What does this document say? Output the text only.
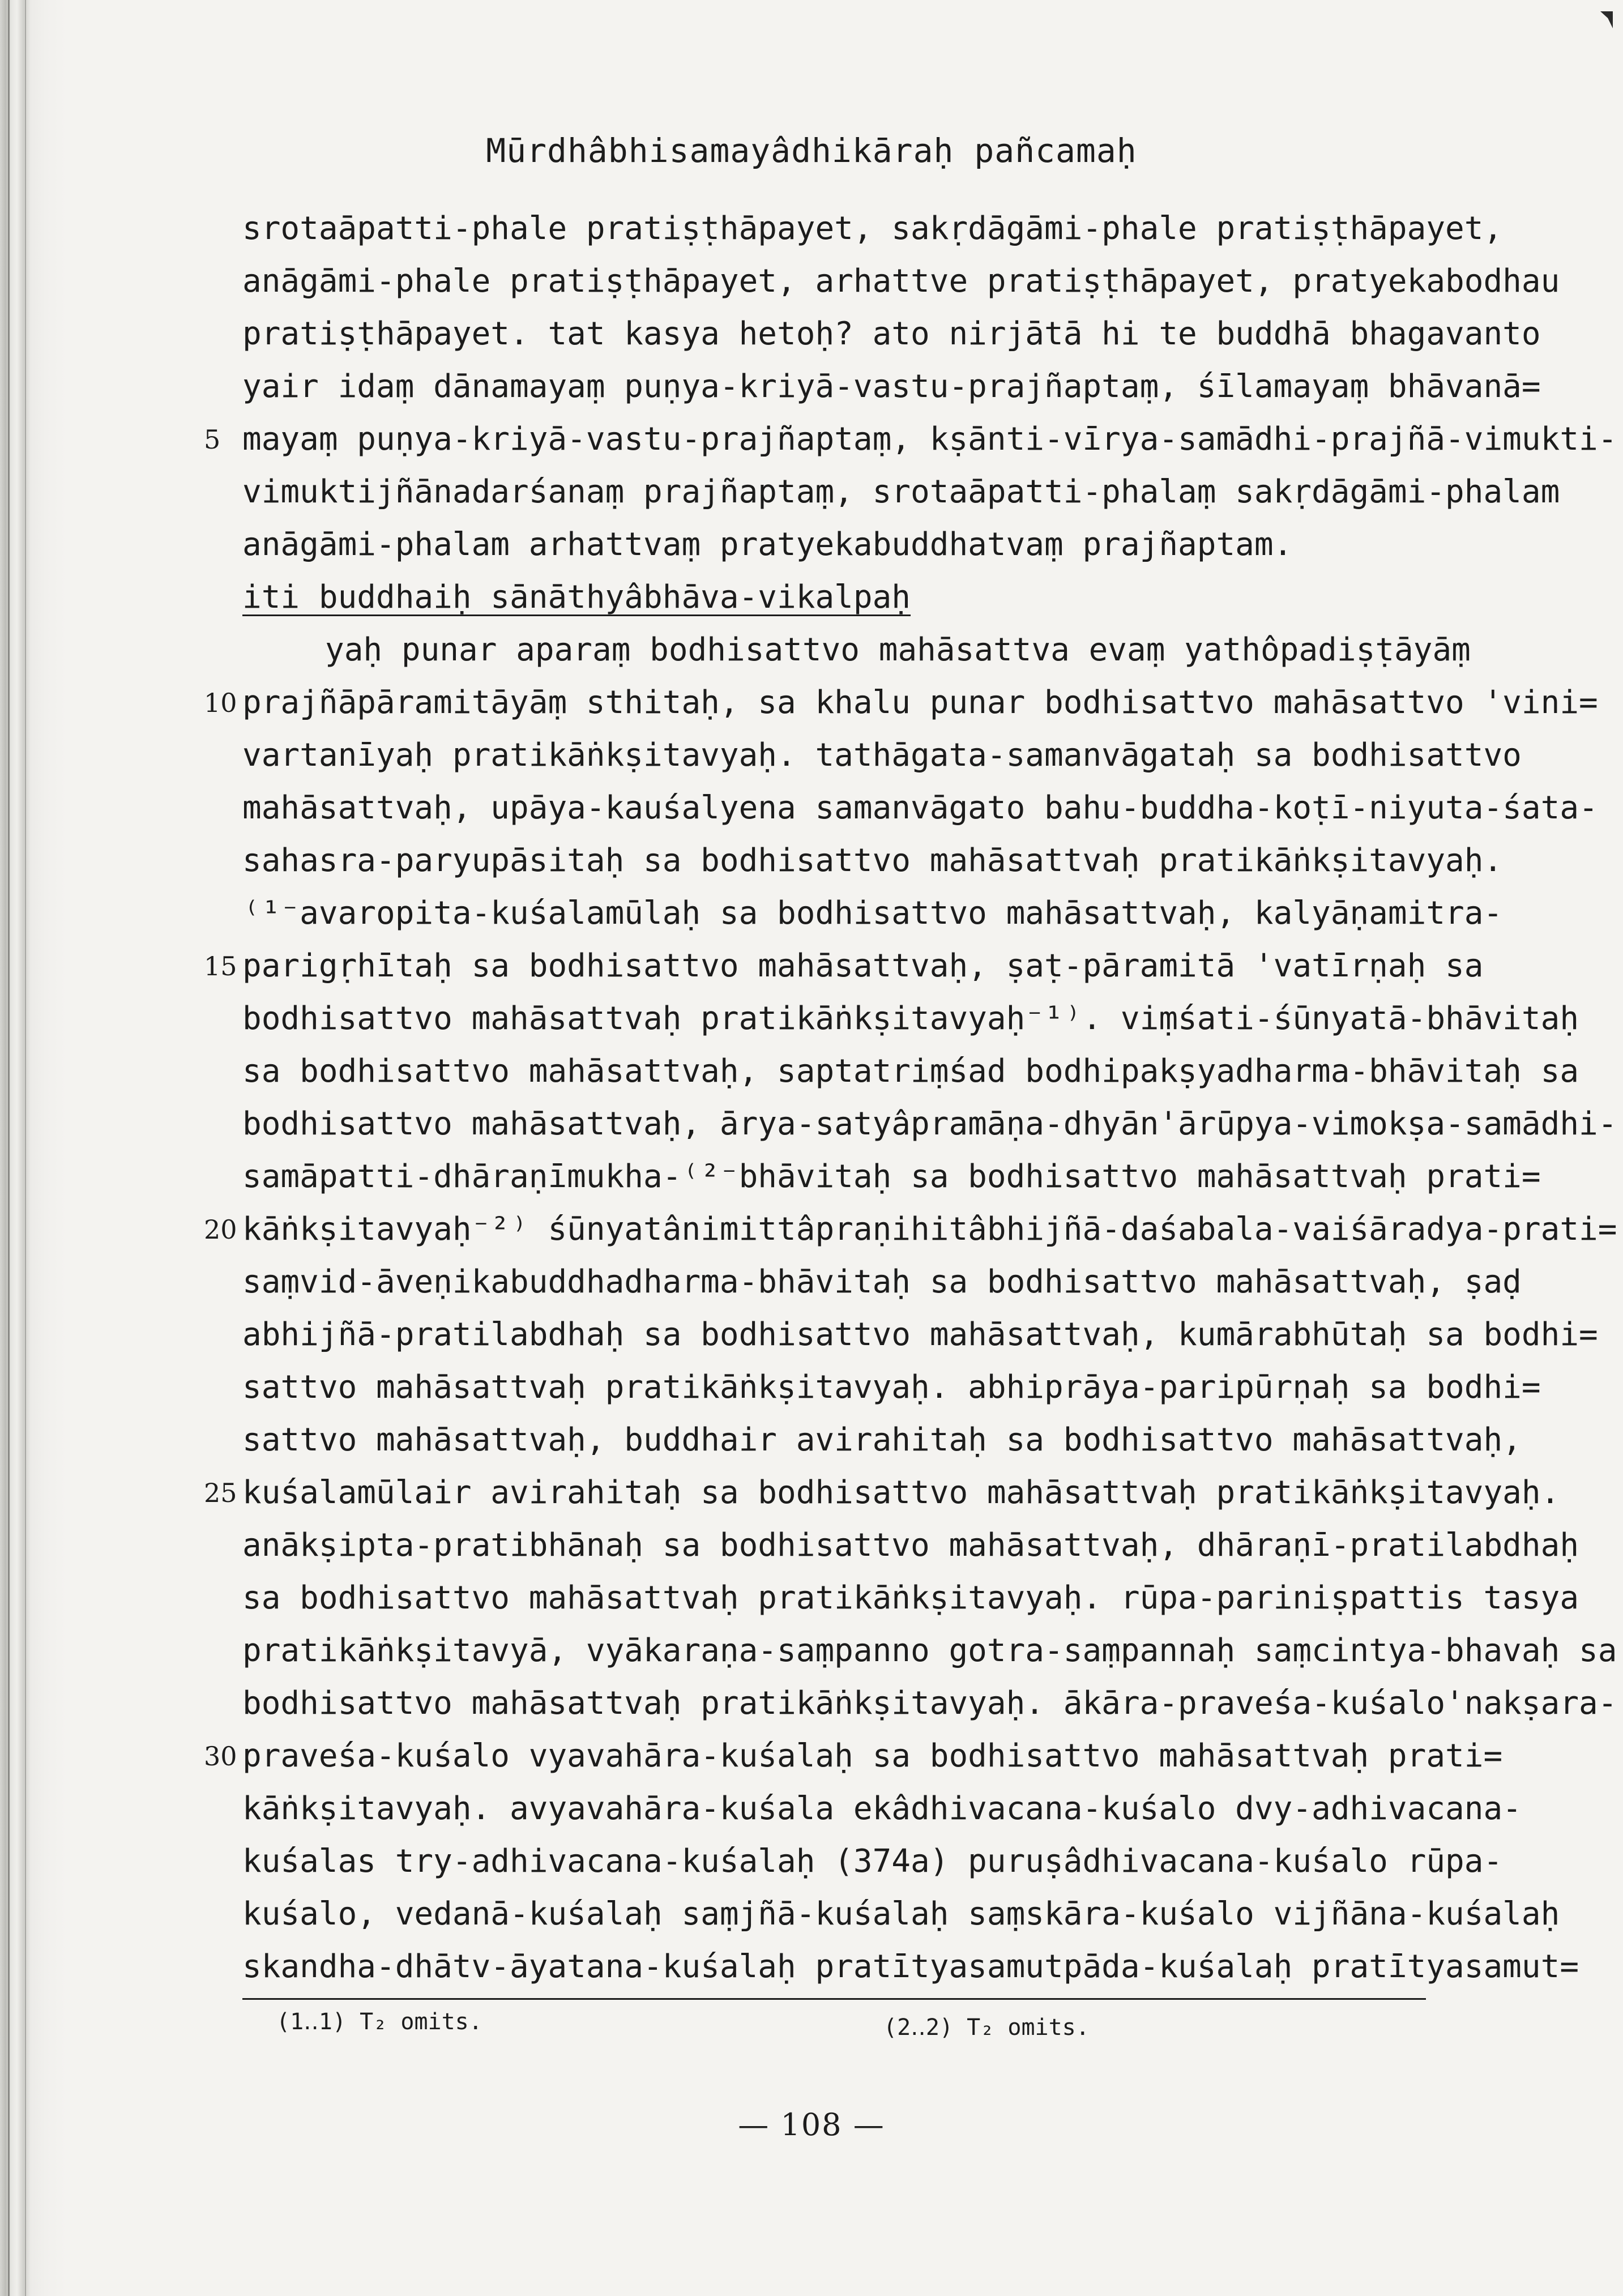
Mūrdhâbhisamayâdhikāraḥ pañcamaḥ
srotaāpatti-phale pratiṣṭhāpayet, sakṛdāgāmi-phale pratiṣṭhāpayet,
anāgāmi-phale pratiṣṭhāpayet, arhattve pratiṣṭhāpayet, pratyekabodhau
pratiṣṭhāpayet. tat kasya hetoḥ? ato nirjātā hi te buddhā bhagavanto
yair idaṃ dānamayaṃ puṇya-kriyā-vastu-prajñaptaṃ, śīlamayaṃ bhāvanā=
mayaṃ puṇya-kriyā-vastu-prajñaptaṃ, kṣānti-vīrya-samādhi-prajñā-vimukti-
vimuktijñānadarśanaṃ prajñaptaṃ, srotaāpatti-phalaṃ sakṛdāgāmi-phalam
anāgāmi-phalam arhattvaṃ pratyekabuddhatvaṃ prajñaptam.
iti buddhaiḥ sānāthyâbhāva-vikalpaḥ
yaḥ punar aparaṃ bodhisattvo mahāsattva evaṃ yathôpadiṣṭāyāṃ
prajñāpāramitāyāṃ sthitaḥ, sa khalu punar bodhisattvo mahāsattvo 'vini=
vartanīyaḥ pratikāṅkṣitavyaḥ. tathāgata-samanvāgataḥ sa bodhisattvo
mahāsattvaḥ, upāya-kauśalyena samanvāgato bahu-buddha-koṭī-niyuta-śata-
sahasra-paryupāsitaḥ sa bodhisattvo mahāsattvaḥ pratikāṅkṣitavyaḥ.
⁽¹⁻avaropita-kuśalamūlaḥ sa bodhisattvo mahāsattvaḥ, kalyāṇamitra-
parigṛhītaḥ sa bodhisattvo mahāsattvaḥ, ṣaṭ-pāramitā 'vatīrṇaḥ sa
bodhisattvo mahāsattvaḥ pratikāṅkṣitavyaḥ⁻¹⁾. viṃśati-śūnyatā-bhāvitaḥ
sa bodhisattvo mahāsattvaḥ, saptatriṃśad bodhipakṣyadharma-bhāvitaḥ sa
bodhisattvo mahāsattvaḥ, ārya-satyâpramāṇa-dhyān'ārūpya-vimokṣa-samādhi-
samāpatti-dhāraṇīmukha-⁽²⁻bhāvitaḥ sa bodhisattvo mahāsattvaḥ prati=
kāṅkṣitavyaḥ⁻²⁾ śūnyatânimittâpraṇihitâbhijñā-daśabala-vaiśāradya-prati=
saṃvid-āveṇikabuddhadharma-bhāvitaḥ sa bodhisattvo mahāsattvaḥ, ṣaḍ
abhijñā-pratilabdhaḥ sa bodhisattvo mahāsattvaḥ, kumārabhūtaḥ sa bodhi=
sattvo mahāsattvaḥ pratikāṅkṣitavyaḥ. abhiprāya-paripūrṇaḥ sa bodhi=
sattvo mahāsattvaḥ, buddhair avirahitaḥ sa bodhisattvo mahāsattvaḥ,
kuśalamūlair avirahitaḥ sa bodhisattvo mahāsattvaḥ pratikāṅkṣitavyaḥ.
anākṣipta-pratibhānaḥ sa bodhisattvo mahāsattvaḥ, dhāraṇī-pratilabdhaḥ
sa bodhisattvo mahāsattvaḥ pratikāṅkṣitavyaḥ. rūpa-pariniṣpattis tasya
pratikāṅkṣitavyā, vyākaraṇa-saṃpanno gotra-saṃpannaḥ saṃcintya-bhavaḥ sa
bodhisattvo mahāsattvaḥ pratikāṅkṣitavyaḥ. ākāra-praveśa-kuśalo'nakṣara-
praveśa-kuśalo vyavahāra-kuśalaḥ sa bodhisattvo mahāsattvaḥ prati=
kāṅkṣitavyaḥ. avyavahāra-kuśala ekâdhivacana-kuśalo dvy-adhivacana-
kuśalas try-adhivacana-kuśalaḥ (374a) puruṣâdhivacana-kuśalo rūpa-
kuśalo, vedanā-kuśalaḥ saṃjñā-kuśalaḥ saṃskāra-kuśalo vijñāna-kuśalaḥ
skandha-dhātv-āyatana-kuśalaḥ pratītyasamutpāda-kuśalaḥ pratītyasamut=
5
10
15
20
25
30
(1‥1) T₂ omits.	(2‥2) T₂ omits.
— 108 —
